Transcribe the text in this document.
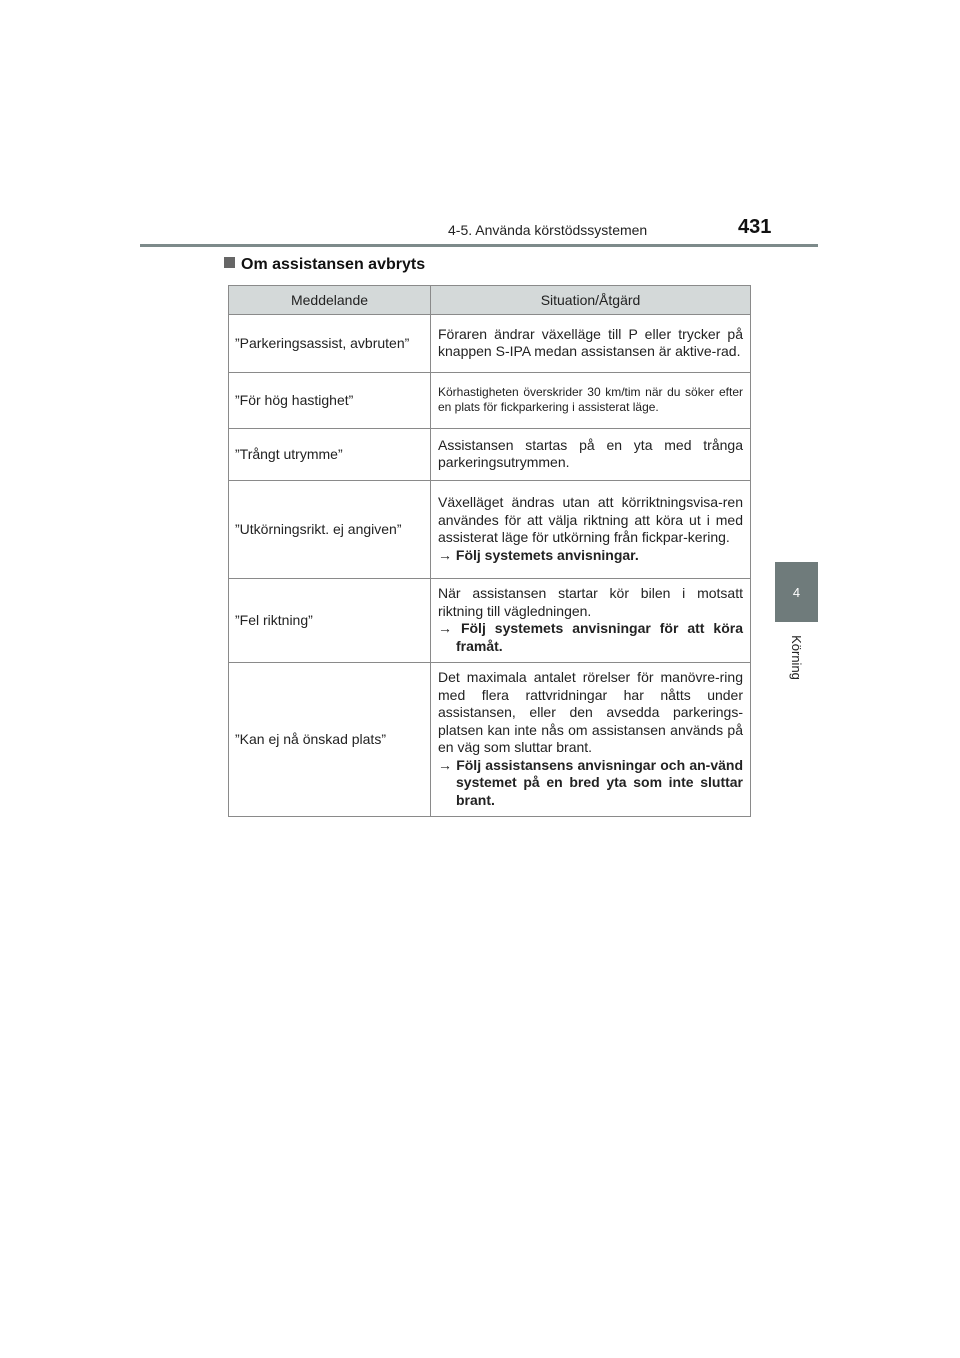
4-5. Använda körstödssystemen	431
4
Körning
Om assistansen avbryts
Meddelande	Situation/Åtgärd
”Parkeringsassist, avbruten”	Föraren ändrar växelläge till P eller trycker på knappen S-IPA medan assistansen är aktive-rad.
”För hög hastighet”	Körhastigheten överskrider 30 km/tim när du söker efter en plats för fickparkering i assisterat läge.
”Trångt utrymme”	Assistansen startas på en yta med trånga parkeringsutrymmen.
”Utkörningsrikt. ej angiven”	Växelläget ändras utan att körriktningsvisa-ren användes för att välja riktning att köra ut i med assisterat läge för utkörning från fickpar-kering.
→ Följ systemets anvisningar.

”Fel riktning”	När assistansen startar kör bilen i motsatt riktning till vägledningen.
→ Följ systemets anvisningar för att köra framåt.

”Kan ej nå önskad plats”	Det maximala antalet rörelser för manövre-ring med flera rattvridningar har nåtts under assistansen, eller den avsedda parkerings-platsen kan inte nås om assistansen används på en väg som sluttar brant.
→ Följ assistansens anvisningar och an-vänd systemet på en bred yta som inte sluttar brant.
